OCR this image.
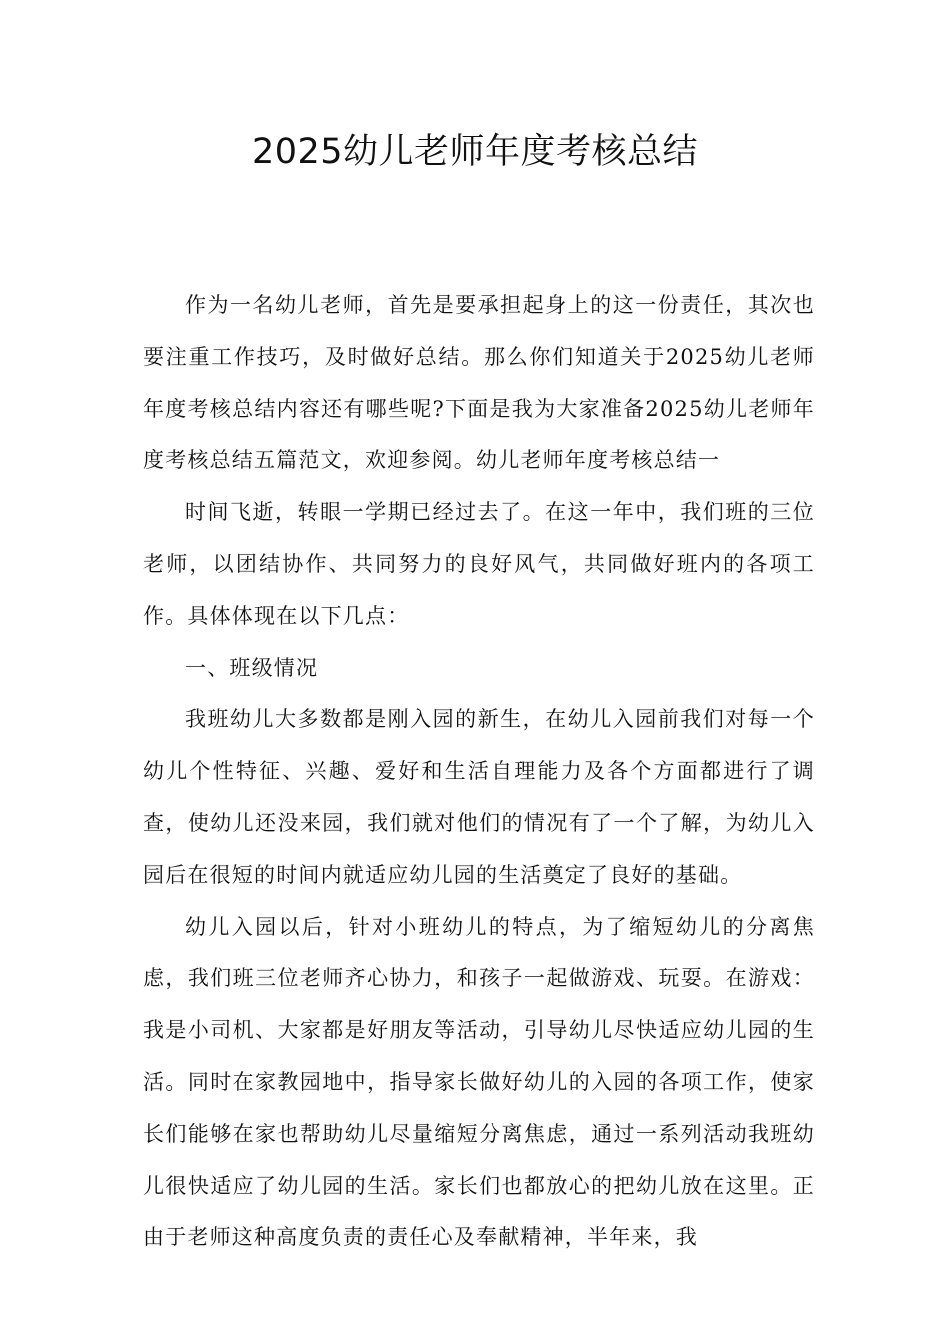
2025幼儿老师年度考核总结

作为一名幼儿老师，首先是要承担起身上的这一份责任，其次也要注重工作技巧，及时做好总结。那么你们知道关于2025幼儿老师年度考核总结内容还有哪些呢?下面是我为大家准备2025幼儿老师年度考核总结五篇范文，欢迎参阅。幼儿老师年度考核总结一

时间飞逝，转眼一学期已经过去了。在这一年中，我们班的三位老师，以团结协作、共同努力的良好风气，共同做好班内的各项工作。具体体现在以下几点：

一、班级情况

我班幼儿大多数都是刚入园的新生，在幼儿入园前我们对每一个幼儿个性特征、兴趣、爱好和生活自理能力及各个方面都进行了调查，使幼儿还没来园，我们就对他们的情况有了一个了解，为幼儿入园后在很短的时间内就适应幼儿园的生活奠定了良好的基础。

幼儿入园以后，针对小班幼儿的特点，为了缩短幼儿的分离焦虑，我们班三位老师齐心协力，和孩子一起做游戏、玩耍。在游戏：我是小司机、大家都是好朋友等活动，引导幼儿尽快适应幼儿园的生活。同时在家教园地中，指导家长做好幼儿的入园的各项工作，使家长们能够在家也帮助幼儿尽量缩短分离焦虑，通过一系列活动我班幼儿很快适应了幼儿园的生活。家长们也都放心的把幼儿放在这里。正由于老师这种高度负责的责任心及奉献精神，半年来，我
